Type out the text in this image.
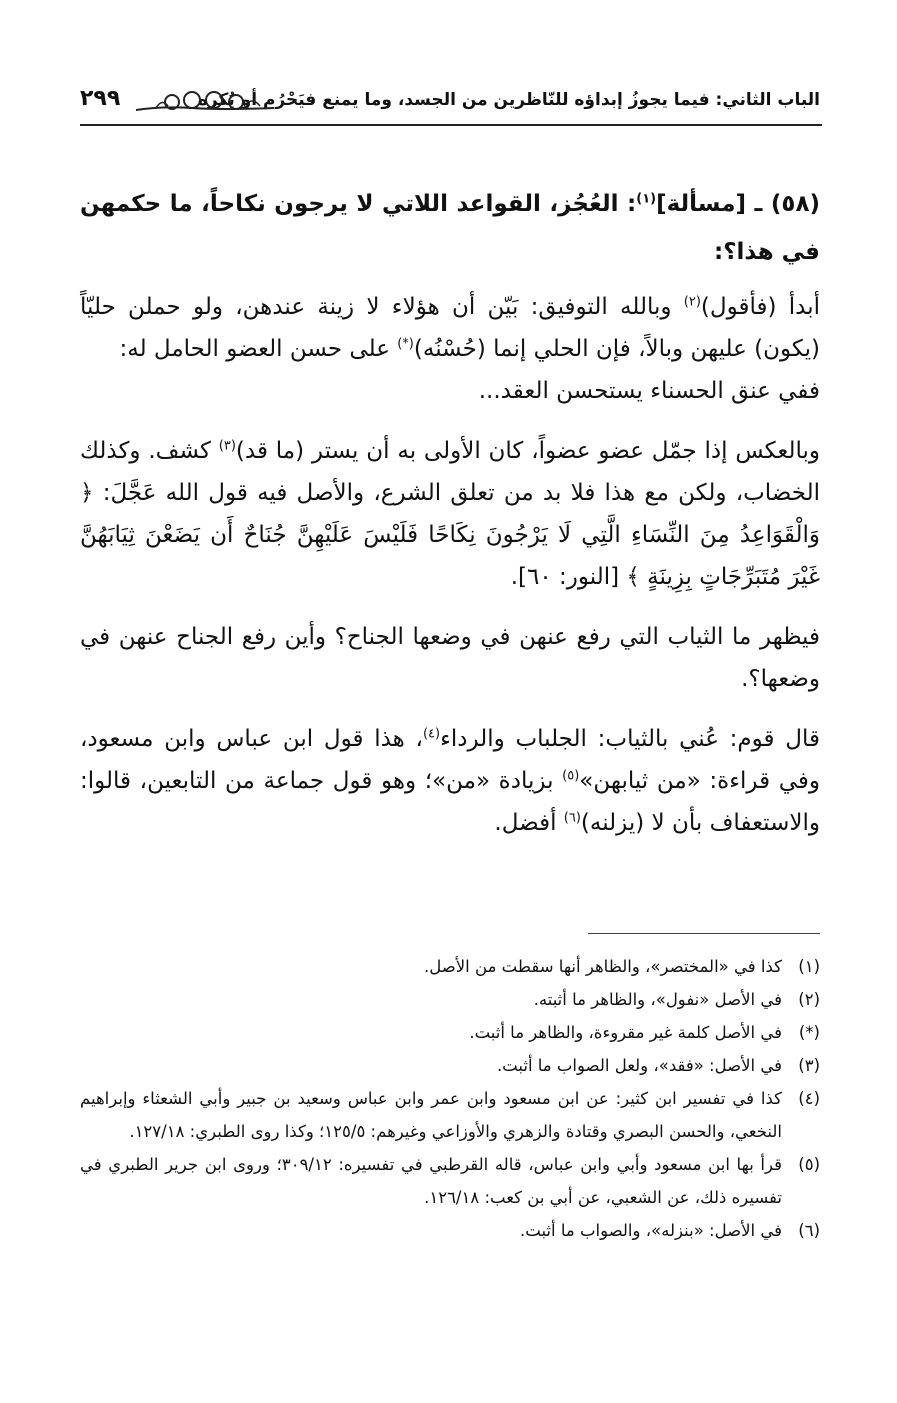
الباب الثاني: فيما يجوزُ إبداؤه للنّاظرين من الجسد، وما يمنع فيَحْرُم أو يُكره
٢٩٩

(٥٨) ـ [مسألة]$^{(١)}$: العُجُز، القواعد اللاتي لا يرجون نكاحاً، ما حكمهن في هذا؟:

أبدأ (فأقول)$^{(٢)}$ وبالله التوفيق: بَيّن أن هؤلاء لا زينة عندهن، ولو حملن حليّاً (يكون) عليهن وبالاً، فإن الحلي إنما (حُسْنُه)(*) على حسن العضو الحامل له:

ففي عنق الحسناء يستحسن العقد...

وبالعكس إذا جمّل عضو عضواً، كان الأولى به أن يستر (ما قد)$^{(٣)}$ كشف. وكذلك الخضاب، ولكن مع هذا فلا بد من تعلق الشرع، والأصل فيه قول الله عَجَّلَ: ﴿ وَالْقَوَاعِدُ مِنَ النِّسَاءِ الَّتِي لَا يَرْجُونَ نِكَاحًا فَلَيْسَ عَلَيْهِنَّ جُنَاحٌ أَن يَضَعْنَ ثِيَابَهُنَّ غَيْرَ مُتَبَرِّجَاتٍ بِزِينَةٍ ﴾ [النور: ٦٠].

فيظهر ما الثياب التي رفع عنهن في وضعها الجناح؟ وأين رفع الجناح عنهن في وضعها؟.

قال قوم: عُني بالثياب: الجلباب والرداء$^{(٤)}$، هذا قول ابن عباس وابن مسعود، وفي قراءة: «من ثيابهن»$^{(٥)}$ بزيادة «من»؛ وهو قول جماعة من التابعين، قالوا: والاستعفاف بأن لا (يزلنه)$^{(٦)}$ أفضل.

(١)
كذا في «المختصر»، والظاهر أنها سقطت من الأصل.

(٢)
في الأصل «نفول»، والظاهر ما أثبته.

(*)
في الأصل كلمة غير مقروءة، والظاهر ما أثبت.

(٣)
في الأصل: «فقد»، ولعل الصواب ما أثبت.

(٤)
كذا في تفسير ابن كثير: عن ابن مسعود وابن عمر وابن عباس وسعيد بن جبير وأبي الشعثاء وإبراهيم النخعي، والحسن البصري وقتادة والزهري والأوزاعي وغيرهم: ١٢٥/٥؛ وكذا روى الطبري: ١٢٧/١٨.

(٥)
قرأ بها ابن مسعود وأبي وابن عباس، قاله القرطبي في تفسيره: ٣٠٩/١٢؛ وروى ابن جرير الطبري في تفسيره ذلك، عن الشعبي، عن أبي بن كعب: ١٢٦/١٨.

(٦)
في الأصل: «بنزله»، والصواب ما أثبت.
